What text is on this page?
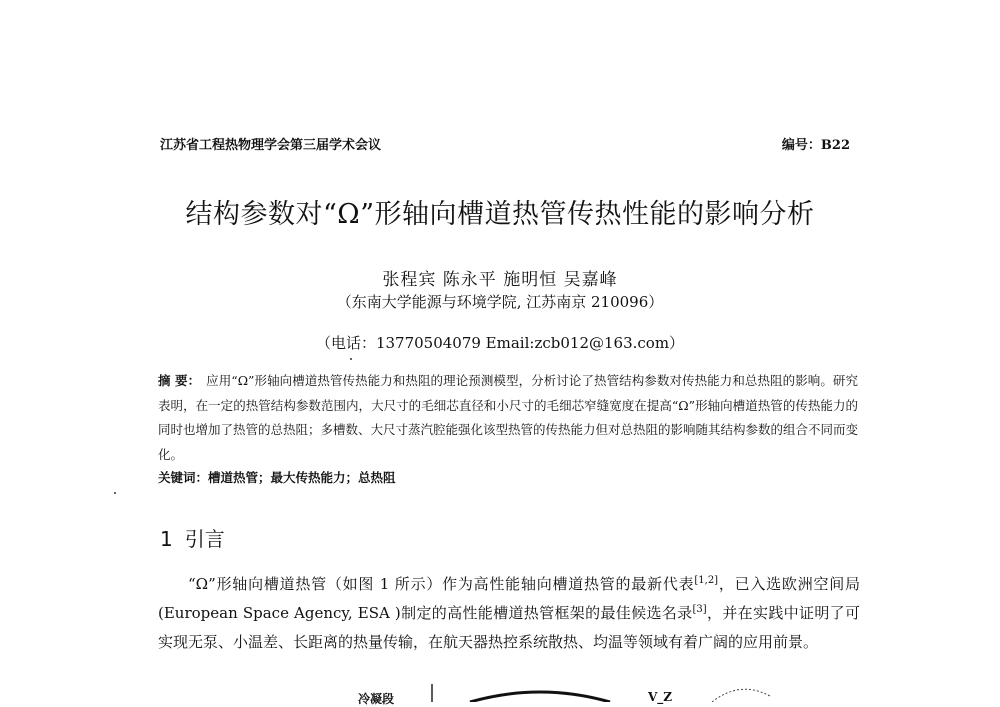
江苏省工程热物理学会第三届学术会议	编号：B22
结构参数对“Ω”形轴向槽道热管传热性能的影响分析
张程宾 陈永平 施明恒 吴嘉峰
（东南大学能源与环境学院, 江苏南京 210096）
（电话：13770504079 Email:zcb012@163.com）
摘 要： 应用“Ω”形轴向槽道热管传热能力和热阻的理论预测模型，分析讨论了热管结构参数对传热能力和总热阻的影响。研究表明，在一定的热管结构参数范围内，大尺寸的毛细芯直径和小尺寸的毛细芯窄缝宽度在提高“Ω”形轴向槽道热管的传热能力的同时也增加了热管的总热阻；多槽数、大尺寸蒸汽腔能强化该型热管的传热能力但对总热阻的影响随其结构参数的组合不同而变化。
关键词：槽道热管；最大传热能力；总热阻
1 引言
“Ω”形轴向槽道热管（如图 1 所示）作为高性能轴向槽道热管的最新代表[1,2]，已入选欧洲空间局(European Space Agency, ESA )制定的高性能槽道热管框架的最佳候选名录[3]，并在实践中证明了可实现无泵、小温差、长距离的热量传输，在航天器热控系统散热、均温等领域有着广阔的应用前景。
冷凝段	V_Z
